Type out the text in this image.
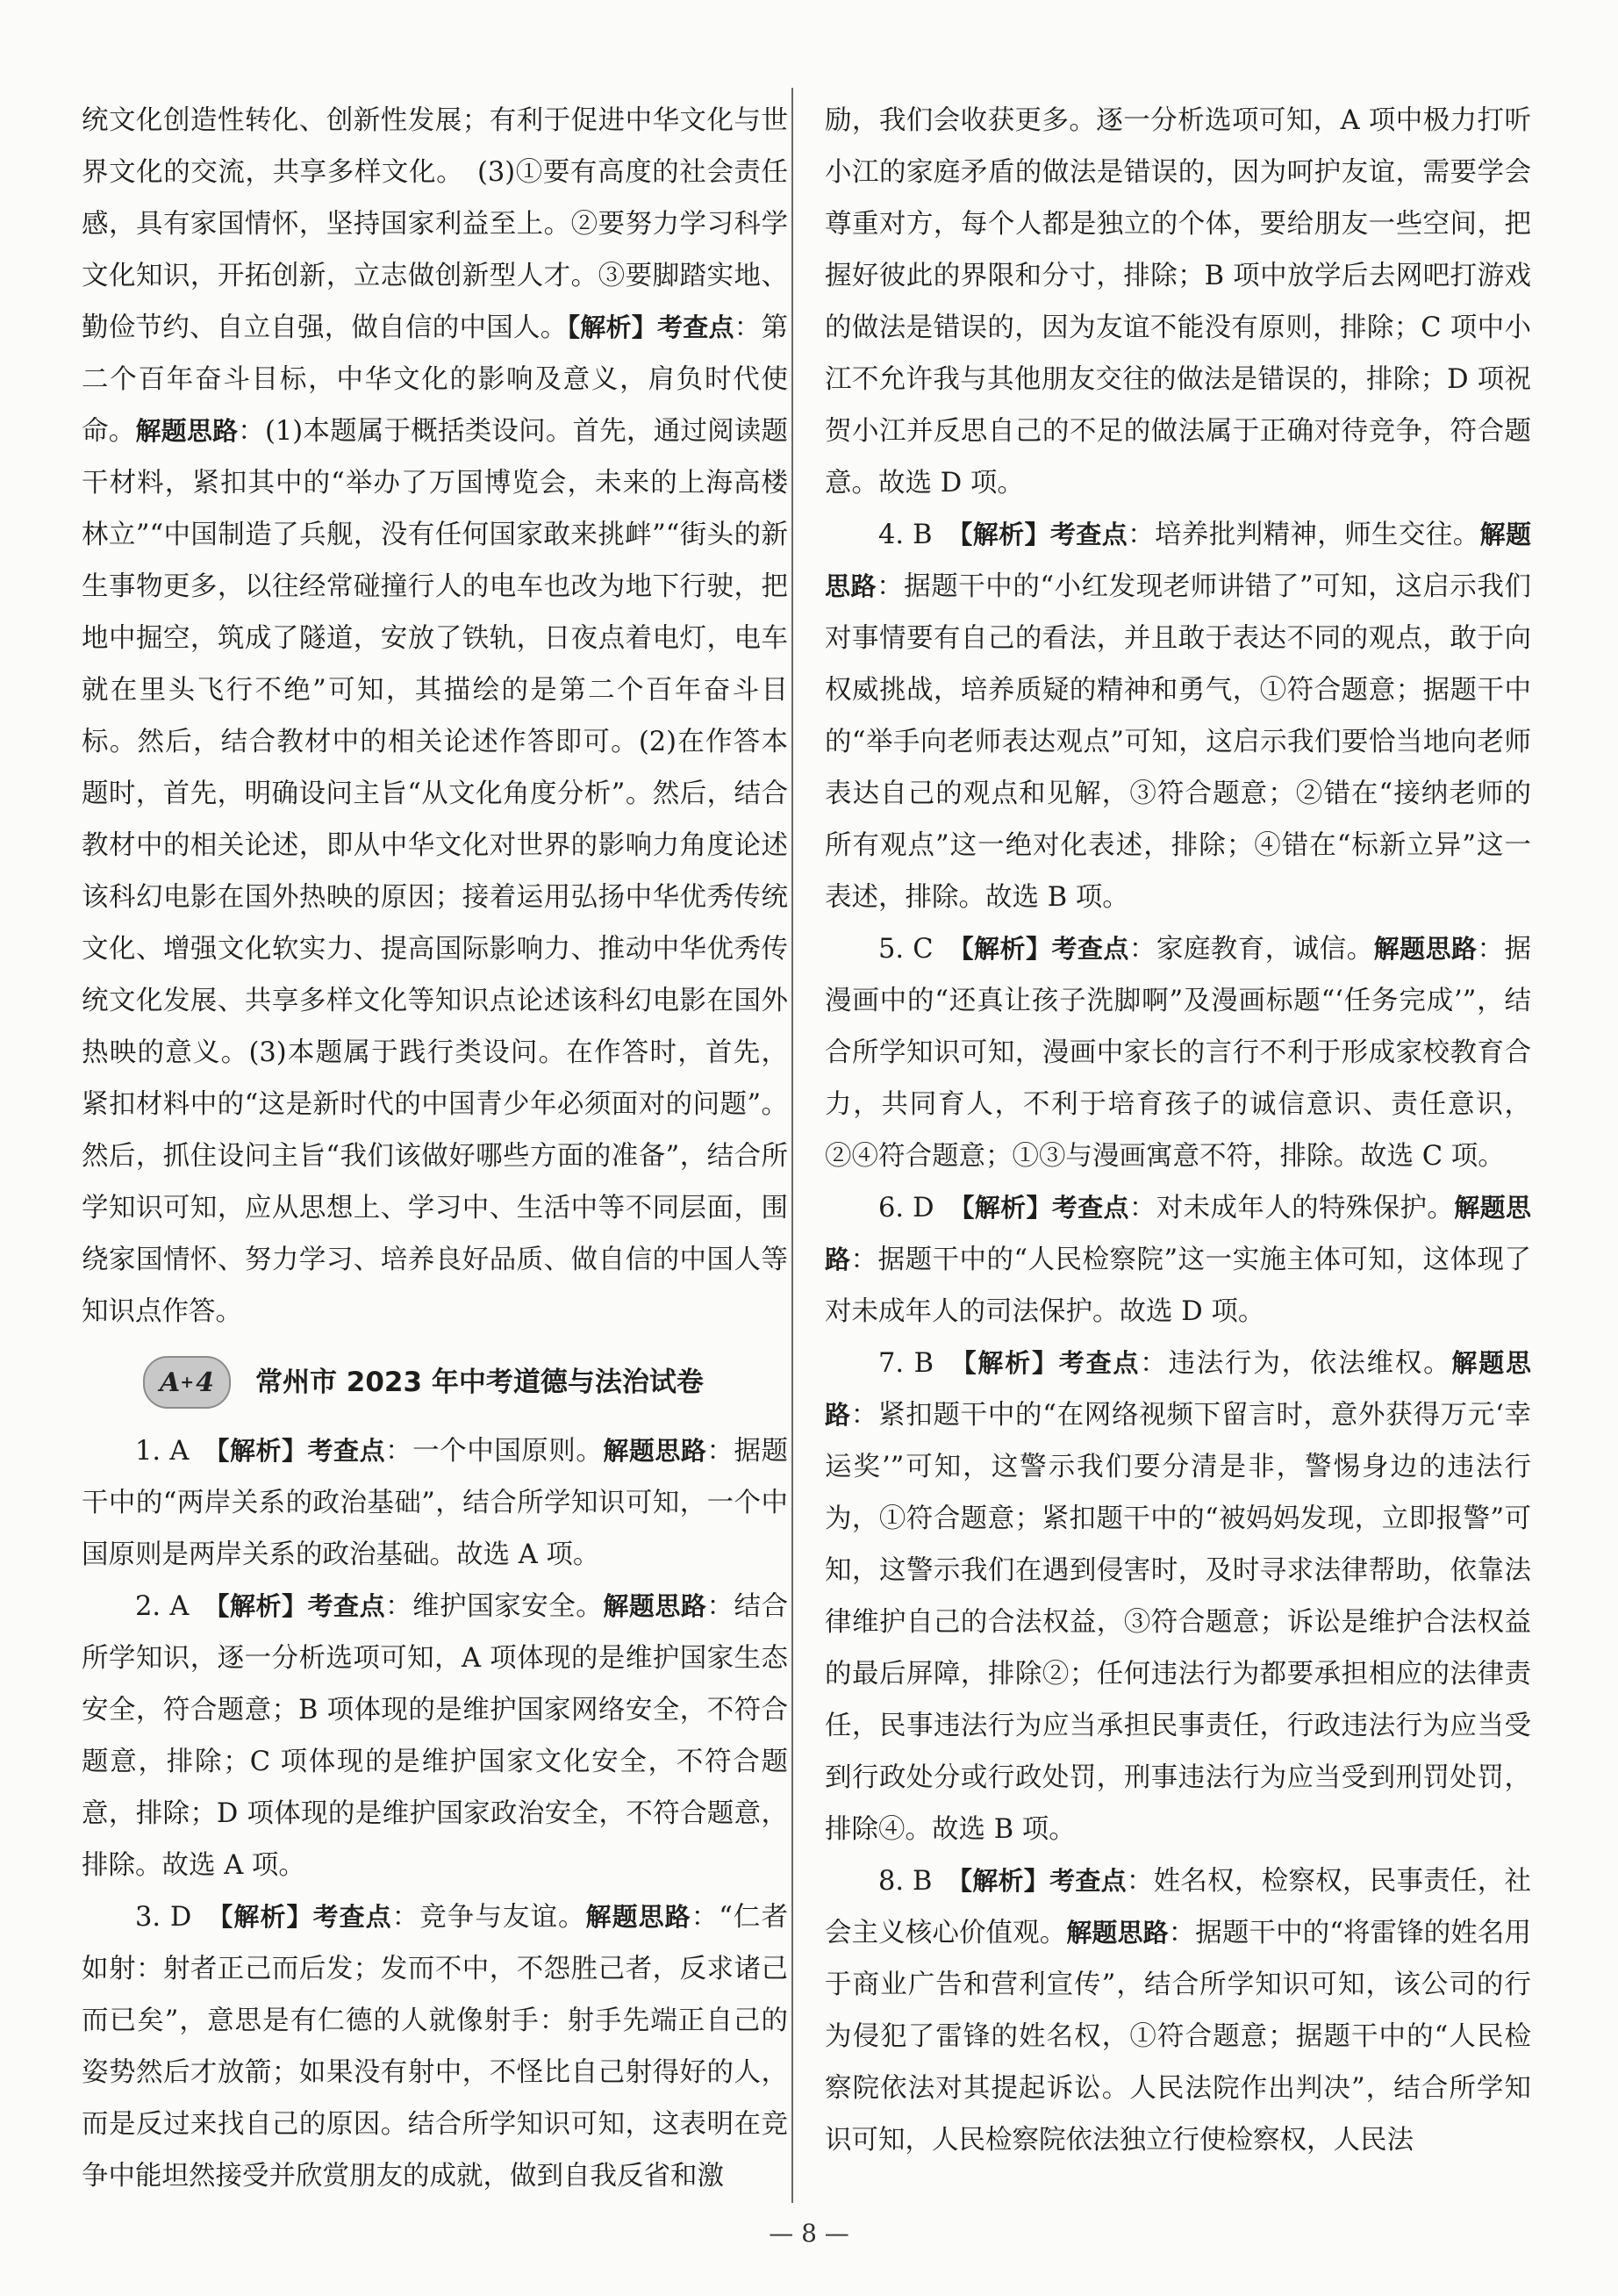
统文化创造性转化、创新性发展；有利于促进中华文化与世界文化的交流，共享多样文化。　(3)①要有高度的社会责任感，具有家国情怀，坚持国家利益至上。②要努力学习科学文化知识，开拓创新，立志做创新型人才。③要脚踏实地、勤俭节约、自立自强，做自信的中国人。【解析】考查点：第二个百年奋斗目标，中华文化的影响及意义，肩负时代使命。解题思路：(1)本题属于概括类设问。首先，通过阅读题干材料，紧扣其中的“举办了万国博览会，未来的上海高楼林立”“中国制造了兵舰，没有任何国家敢来挑衅”“街头的新生事物更多，以往经常碰撞行人的电车也改为地下行驶，把地中掘空，筑成了隧道，安放了铁轨，日夜点着电灯，电车就在里头飞行不绝”可知，其描绘的是第二个百年奋斗目标。然后，结合教材中的相关论述作答即可。(2)在作答本题时，首先，明确设问主旨“从文化角度分析”。然后，结合教材中的相关论述，即从中华文化对世界的影响力角度论述该科幻电影在国外热映的原因；接着运用弘扬中华优秀传统文化、增强文化软实力、提高国际影响力、推动中华优秀传统文化发展、共享多样文化等知识点论述该科幻电影在国外热映的意义。(3)本题属于践行类设问。在作答时，首先，紧扣材料中的“这是新时代的中国青少年必须面对的问题”。然后，抓住设问主旨“我们该做好哪些方面的准备”，结合所学知识可知，应从思想上、学习中、生活中等不同层面，围绕家国情怀、努力学习、培养良好品质、做自信的中国人等知识点作答。

A + 4 常州市 2023 年中考道德与法治试卷

1. A　 【解析】考查点：一个中国原则。解题思路：据题干中的“两岸关系的政治基础”，结合所学知识可知，一个中国原则是两岸关系的政治基础。故选 A 项。

2. A　 【解析】考查点：维护国家安全。解题思路：结合所学知识，逐一分析选项可知，A 项体现的是维护国家生态安全，符合题意；B 项体现的是维护国家网络安全，不符合题意，排除；C 项体现的是维护国家文化安全，不符合题意，排除；D 项体现的是维护国家政治安全，不符合题意，排除。故选 A 项。

3. D　 【解析】考查点：竞争与友谊。解题思路：“仁者如射：射者正己而后发；发而不中，不怨胜己者，反求诸己而已矣”，意思是有仁德的人就像射手：射手先端正自己的姿势然后才放箭；如果没有射中，不怪比自己射得好的人，而是反过来找自己的原因。结合所学知识可知，这表明在竞争中能坦然接受并欣赏朋友的成就，做到自我反省和激

励，我们会收获更多。逐一分析选项可知，A 项中极力打听小江的家庭矛盾的做法是错误的，因为呵护友谊，需要学会尊重对方，每个人都是独立的个体，要给朋友一些空间，把握好彼此的界限和分寸，排除；B 项中放学后去网吧打游戏的做法是错误的，因为友谊不能没有原则，排除；C 项中小江不允许我与其他朋友交往的做法是错误的，排除；D 项祝贺小江并反思自己的不足的做法属于正确对待竞争，符合题意。故选 D 项。

4. B　 【解析】考查点：培养批判精神，师生交往。解题思路：据题干中的“小红发现老师讲错了”可知，这启示我们对事情要有自己的看法，并且敢于表达不同的观点，敢于向权威挑战，培养质疑的精神和勇气，①符合题意；据题干中的“举手向老师表达观点”可知，这启示我们要恰当地向老师表达自己的观点和见解，③符合题意；②错在“接纳老师的所有观点”这一绝对化表述，排除；④错在“标新立异”这一表述，排除。故选 B 项。

5. C　 【解析】考查点：家庭教育，诚信。解题思路：据漫画中的“还真让孩子洗脚啊”及漫画标题“‘任务完成’”，结合所学知识可知，漫画中家长的言行不利于形成家校教育合力，共同育人，不利于培育孩子的诚信意识、责任意识，②④符合题意；①③与漫画寓意不符，排除。故选 C 项。

6. D　 【解析】考查点：对未成年人的特殊保护。解题思路：据题干中的“人民检察院”这一实施主体可知，这体现了对未成年人的司法保护。故选 D 项。

7. B　 【解析】考查点：违法行为，依法维权。解题思路：紧扣题干中的“在网络视频下留言时，意外获得万元‘幸运奖’”可知，这警示我们要分清是非，警惕身边的违法行为，①符合题意；紧扣题干中的“被妈妈发现，立即报警”可知，这警示我们在遇到侵害时，及时寻求法律帮助，依靠法律维护自己的合法权益，③符合题意；诉讼是维护合法权益的最后屏障，排除②；任何违法行为都要承担相应的法律责任，民事违法行为应当承担民事责任，行政违法行为应当受到行政处分或行政处罚，刑事违法行为应当受到刑罚处罚，排除④。故选 B 项。

8. B　 【解析】考查点：姓名权，检察权，民事责任，社会主义核心价值观。解题思路：据题干中的“将雷锋的姓名用于商业广告和营利宣传”，结合所学知识可知，该公司的行为侵犯了雷锋的姓名权，①符合题意；据题干中的“人民检察院依法对其提起诉讼。人民法院作出判决”，结合所学知识可知，人民检察院依法独立行使检察权，人民法

— 8 —
